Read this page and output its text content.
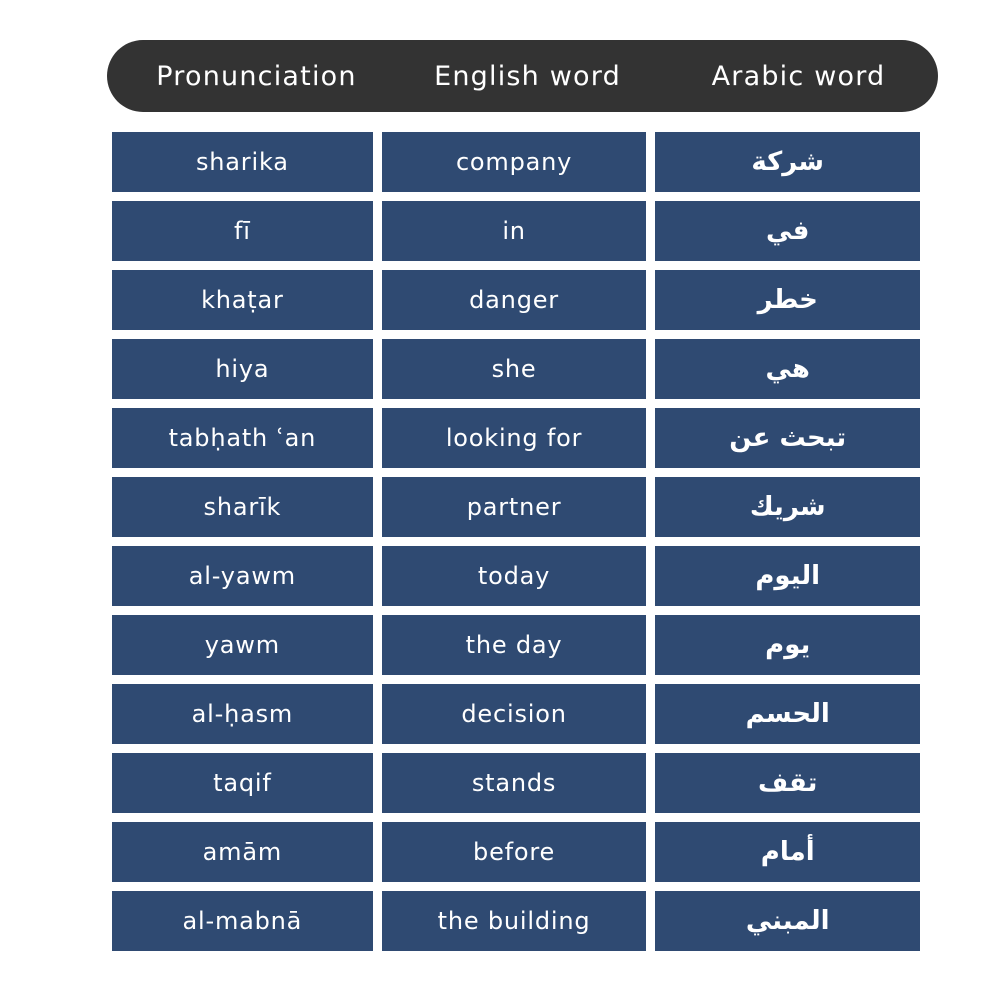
Pronunciation	English word	Arabic word
sharika	company	شركة
fī	in	في
khaṭar	danger	خطر
hiya	she	هي
tabḥath ʿan	looking for	تبحث عن
sharīk	partner	شريك
al-yawm	today	اليوم
yawm	the day	يوم
al-ḥasm	decision	الحسم
taqif	stands	تقف
amām	before	أمام
al-mabnā	the building	المبني
